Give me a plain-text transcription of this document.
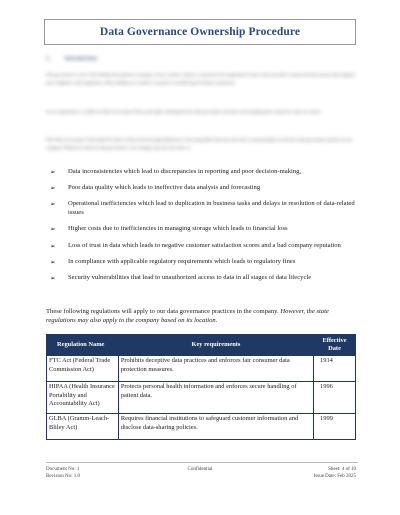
Data Governance Ownership Procedure
1. Introduction

This governance is one of the detailed descriptions to manage, secure, monitor, improve, and protect the organization's data. It also provides a framework that ensures data integrity and compliance with regulations while enabling us to achieve our goals of sustained good business operations.

In our organization, to fulfill our Data Governance Policy principles, defining the key data governance functions and assigning their respective roles are critical.

This Data Governance Ownership Procedure will provide thorough definitions of the responsible functions and roles to operationalize an effective data governance practice in our company. Without an effective data governance, our company may face the risks of:

➢	Data inconsistencies which lead to discrepancies in reporting and poor decision-making,
➢	Poor data quality which leads to ineffective data analysis and forecasting
➢	Operational inefficiencies which lead to duplication in business tasks and delays in resolution of data-related issues
➢	Higher costs due to inefficiencies in managing storage which leads to financial loss
➢	Loss of trust in data which leads to negative customer satisfaction scores and a bad company reputation
➢	In compliance with applicable regulatory requirements which leads to regulatory fines
➢	Security vulnerabilities that lead to unauthorized access to data in all stages of data lifecycle

These following regulations will apply to our data governance practices in the company. However, the state regulations may also apply to the company based on its location.

Regulation Name	Key requirements	Effective Date
FTC Act (Federal Trade Commission Act)	Prohibits deceptive data practices and enforces fair consumer data protection measures.	1914
HIPAA (Health Insurance Portability and Accountability Act)	Protects personal health information and enforces secure handling of patient data.	1996
GLBA (Gramm-Leach-Bliley Act)	Requires financial institutions to safeguard customer information and disclose data-sharing policies.	1999
Document No: 1
Revision No: 1.0
Confidential	Sheet: 4 of 10
Issue Date: Feb 2025
